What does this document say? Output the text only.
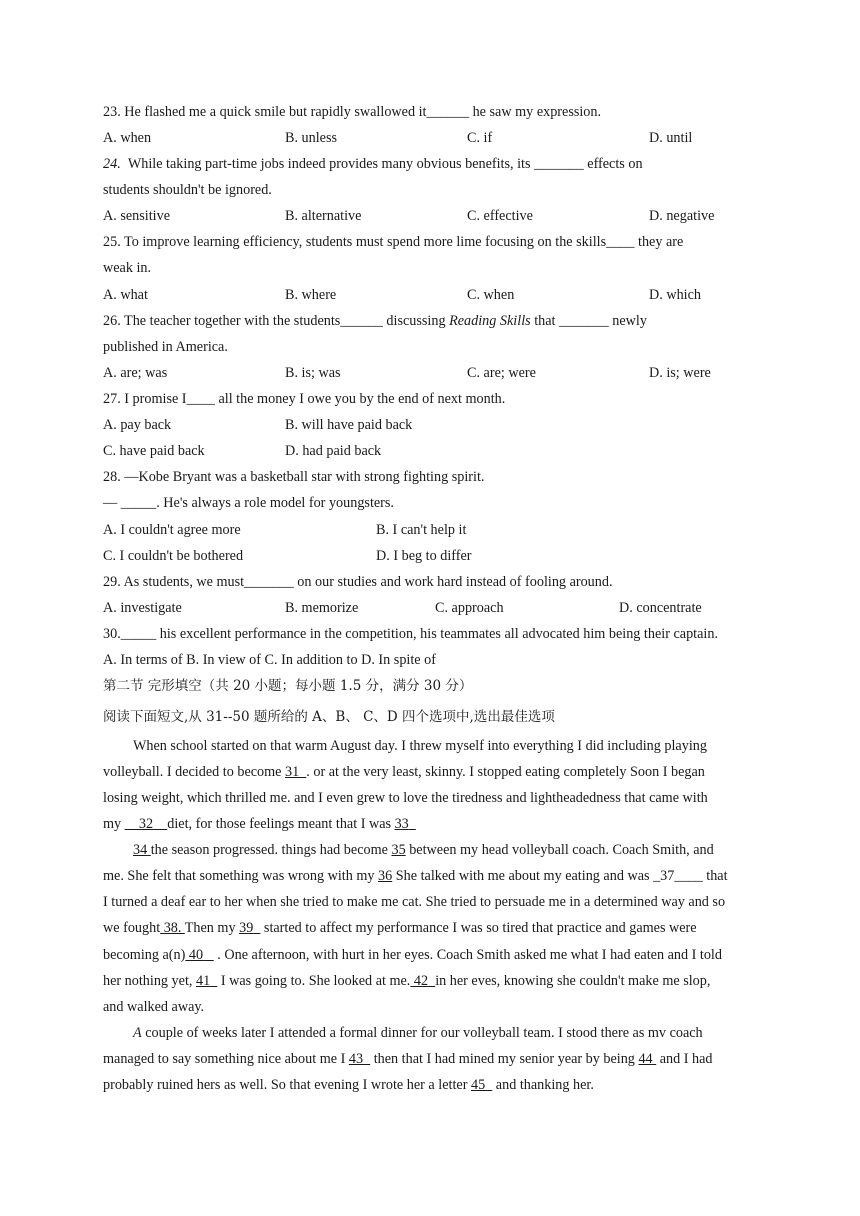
23. He flashed me a quick smile but rapidly swallowed it______ he saw my expression.
A. when	B. unless	C. if	D. until
24. While taking part-time jobs indeed provides many obvious benefits, its _______ effects on
students shouldn't be ignored.
A. sensitive	B. alternative	C. effective	D. negative
25. To improve learning efficiency, students must spend more lime focusing on the skills____ they are
weak in.
A. what	B. where	C. when	D. which
26. The teacher together with the students______ discussing Reading Skills that _______ newly
published in America.
A. are; was	B. is; was	C. are; were	D. is; were
27. I promise I____ all the money I owe you by the end of next month.
A. pay back	B. will have paid back
C. have paid back	D. had paid back
28. —Kobe Bryant was a basketball star with strong fighting spirit.
— _____. He's always a role model for youngsters.
A. I couldn't agree more	B. I can't help it
C. I couldn't be bothered	D. I beg to differ
29. As students, we must_______ on our studies and work hard instead of fooling around.
A. investigate	B. memorize	C. approach	D. concentrate
30._____ his excellent performance in the competition, his teammates all advocated him being their captain.
A. In terms of B. In view of C. In addition to D. In spite of
第二节 完形填空（共 20 小题；每小题 1.5 分，满分 30 分）
阅读下面短文,从 31--50 题所给的 A、B、 C、D 四个选项中,选出最佳选项
When school started on that warm August day. I threw myself into everything I did including playing
volleyball. I decided to become 31 . or at the very least, skinny. I stopped eating completely Soon I began
losing weight, which thrilled me. and I even grew to love the tiredness and lightheadedness that came with
my     32 diet, for those feelings meant that I was 33
34 the season progressed. things had become 35 between my head volleyball coach. Coach Smith, and
me. She felt that something was wrong with my 36 She talked with me about my eating and was _37____ that
I turned a deaf ear to her when she tried to make me cat. She tried to persuade me in a determined way and so
we fought 38. Then my 39   started to affect my performance I was so tired that practice and games were
becoming a(n) 40    . One afternoon, with hurt in her eyes. Coach Smith asked me what I had eaten and I told
her nothing yet, 41   I was going to. She looked at me. 42 in her eves, knowing she couldn't make me slop,
and walked away.
A couple of weeks later I attended a formal dinner for our volleyball team. I stood there as mv coach
managed to say something nice about me I 43   then that I had mined my senior year by being 44  and I had
probably ruined hers as well. So that evening I wrote her a letter 45   and thanking her.
